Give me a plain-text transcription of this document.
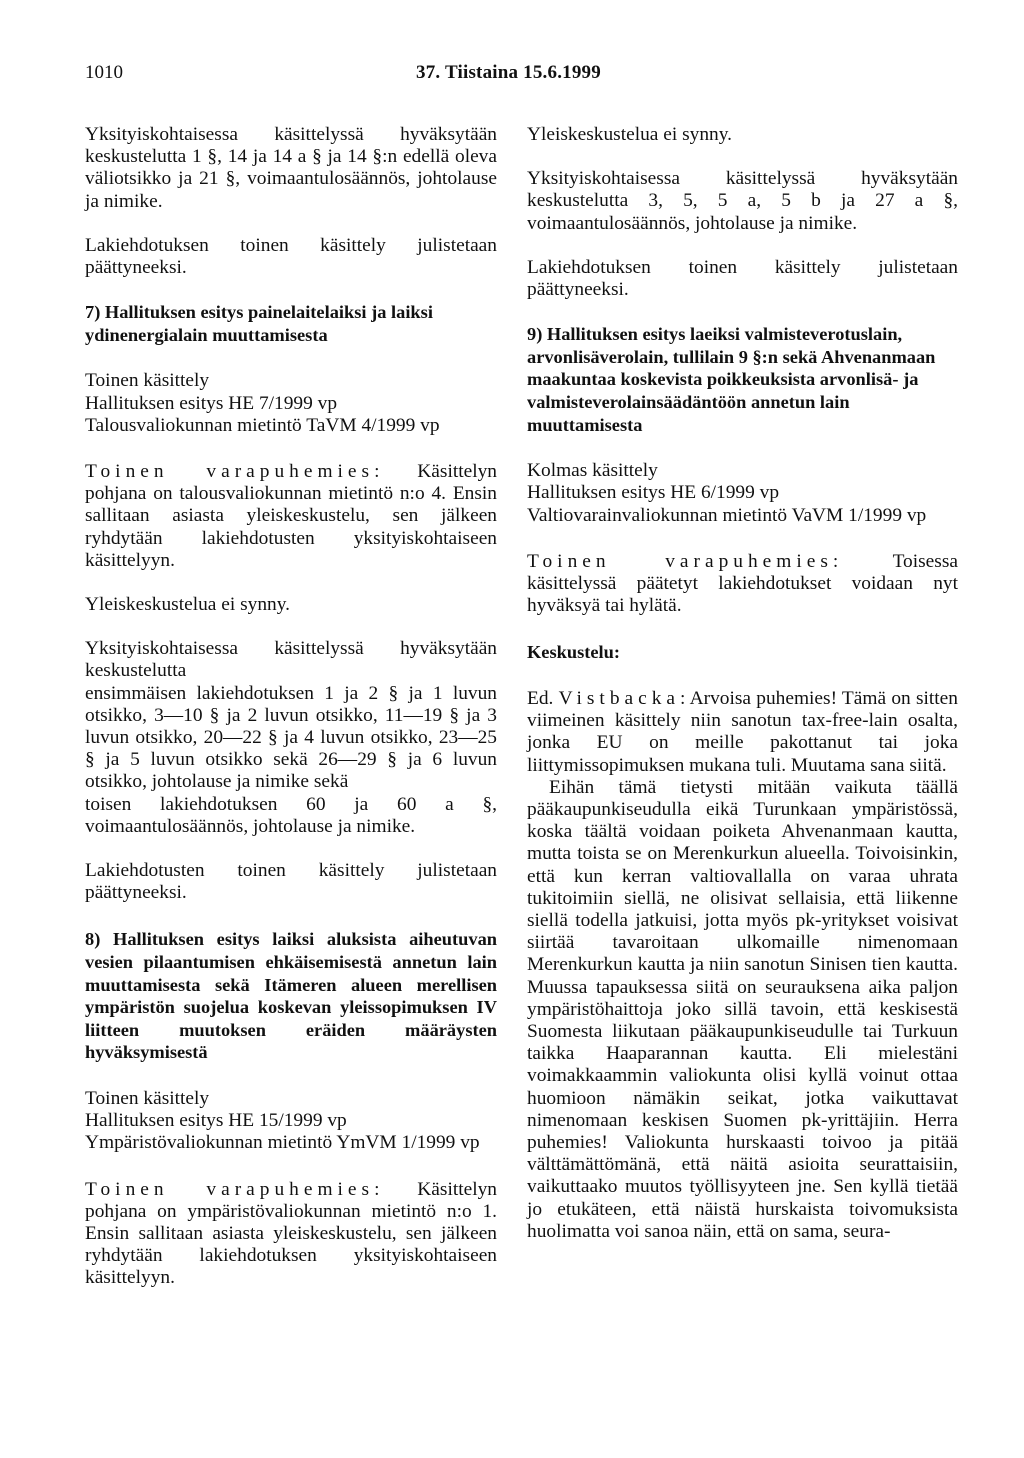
1010	37. Tiistaina 15.6.1999

Yksityiskohtaisessa käsittelyssä hyväksytään keskustelutta 1 §, 14 ja 14 a § ja 14 §:n edellä oleva väliotsikko ja 21 §, voimaantulosäännös, johtolause ja nimike.

Lakiehdotuksen toinen käsittely julistetaan päättyneeksi.

7) Hallituksen esitys painelaitelaiksi ja laiksi ydinenergialain muuttamisesta

Toinen käsittely
Hallituksen esitys HE 7/1999 vp
Talousvaliokunnan mietintö TaVM 4/1999 vp

Toinen varapuhemies: Käsittelyn pohjana on talousvaliokunnan mietintö n:o 4. Ensin sallitaan asiasta yleiskeskustelu, sen jälkeen ryhdytään lakiehdotusten yksityiskohtaiseen käsittelyyn.

Yleiskeskustelua ei synny.

Yksityiskohtaisessa käsittelyssä hyväksytään keskustelutta

ensimmäisen lakiehdotuksen 1 ja 2 § ja 1 luvun otsikko, 3—10 § ja 2 luvun otsikko, 11—19 § ja 3 luvun otsikko, 20—22 § ja 4 luvun otsikko, 23—25 § ja 5 luvun otsikko sekä 26—29 § ja 6 luvun otsikko, johtolause ja nimike sekä

toisen lakiehdotuksen 60 ja 60 a §, voimaantulosäännös, johtolause ja nimike.

Lakiehdotusten toinen käsittely julistetaan päättyneeksi.

8) Hallituksen esitys laiksi aluksista aiheutuvan vesien pilaantumisen ehkäisemisestä annetun lain muuttamisesta sekä Itämeren alueen merellisen ympäristön suojelua koskevan yleissopimuksen IV liitteen muutoksen eräiden määräysten hyväksymisestä

Toinen käsittely
Hallituksen esitys HE 15/1999 vp
Ympäristövaliokunnan mietintö YmVM 1/1999 vp

Toinen varapuhemies: Käsittelyn pohjana on ympäristövaliokunnan mietintö n:o 1. Ensin sallitaan asiasta yleiskeskustelu, sen jälkeen ryhdytään lakiehdotuksen yksityiskohtaiseen käsittelyyn.

Yleiskeskustelua ei synny.

Yksityiskohtaisessa käsittelyssä hyväksytään keskustelutta 3, 5, 5 a, 5 b ja 27 a §, voimaantulosäännös, johtolause ja nimike.

Lakiehdotuksen toinen käsittely julistetaan päättyneeksi.

9) Hallituksen esitys laeiksi valmisteverotuslain, arvonlisäverolain, tullilain 9 §:n sekä Ahvenanmaan maakuntaa koskevista poikkeuksista arvonlisä- ja valmisteverolainsäädäntöön annetun lain muuttamisesta

Kolmas käsittely
Hallituksen esitys HE 6/1999 vp
Valtiovarainvaliokunnan mietintö VaVM 1/1999 vp

Toinen varapuhemies: Toisessa käsittelyssä päätetyt lakiehdotukset voidaan nyt hyväksyä tai hylätä.

Keskustelu:

Ed. Vistbacka: Arvoisa puhemies! Tämä on sitten viimeinen käsittely niin sanotun tax-free-lain osalta, jonka EU on meille pakottanut tai joka liittymissopimuksen mukana tuli. Muutama sana siitä.

Eihän tämä tietysti mitään vaikuta täällä pääkaupunkiseudulla eikä Turunkaan ympäristössä, koska täältä voidaan poiketa Ahvenanmaan kautta, mutta toista se on Merenkurkun alueella. Toivoisinkin, että kun kerran valtiovallalla on varaa uhrata tukitoimiin siellä, ne olisivat sellaisia, että liikenne siellä todella jatkuisi, jotta myös pk-yritykset voisivat siirtää tavaroitaan ulkomaille nimenomaan Merenkurkun kautta ja niin sanotun Sinisen tien kautta. Muussa tapauksessa siitä on seurauksena aika paljon ympäristöhaittoja joko sillä tavoin, että keskisestä Suomesta liikutaan pääkaupunkiseudulle tai Turkuun taikka Haaparannan kautta. Eli mielestäni voimakkaammin valiokunta olisi kyllä voinut ottaa huomioon nämäkin seikat, jotka vaikuttavat nimenomaan keskisen Suomen pk-yrittäjiin. Herra puhemies! Valiokunta hurskaasti toivoo ja pitää välttämättömänä, että näitä asioita seurattaisiin, vaikuttaako muutos työllisyyteen jne. Sen kyllä tietää jo etukäteen, että näistä hurskaista toivomuksista huolimatta voi sanoa näin, että on sama, seura-
